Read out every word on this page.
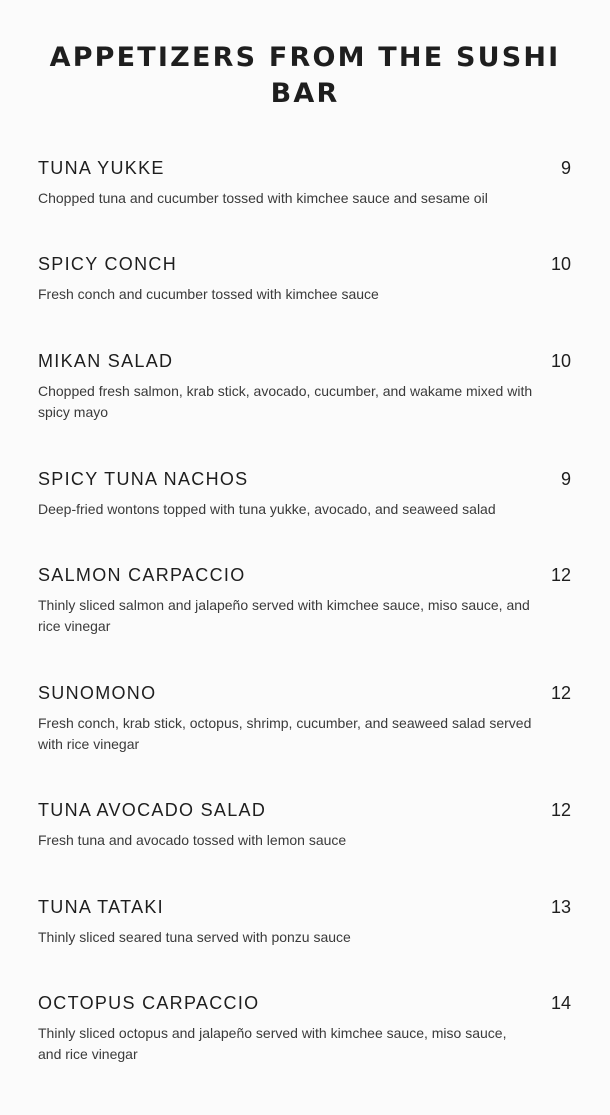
APPETIZERS FROM THE SUSHI BAR
TUNA YUKKE	9
Chopped tuna and cucumber tossed with kimchee sauce and sesame oil
SPICY CONCH	10
Fresh conch and cucumber tossed with kimchee sauce
MIKAN SALAD	10
Chopped fresh salmon, krab stick, avocado, cucumber, and wakame mixed with spicy mayo
SPICY TUNA NACHOS	9
Deep-fried wontons topped with tuna yukke, avocado, and seaweed salad
SALMON CARPACCIO	12
Thinly sliced salmon and jalapeño served with kimchee sauce, miso sauce, and rice vinegar
SUNOMONO	12
Fresh conch, krab stick, octopus, shrimp, cucumber, and seaweed salad served with rice vinegar
TUNA AVOCADO SALAD	12
Fresh tuna and avocado tossed with lemon sauce
TUNA TATAKI	13
Thinly sliced seared tuna served with ponzu sauce
OCTOPUS CARPACCIO	14
Thinly sliced octopus and jalapeño served with kimchee sauce, miso sauce, and rice vinegar
